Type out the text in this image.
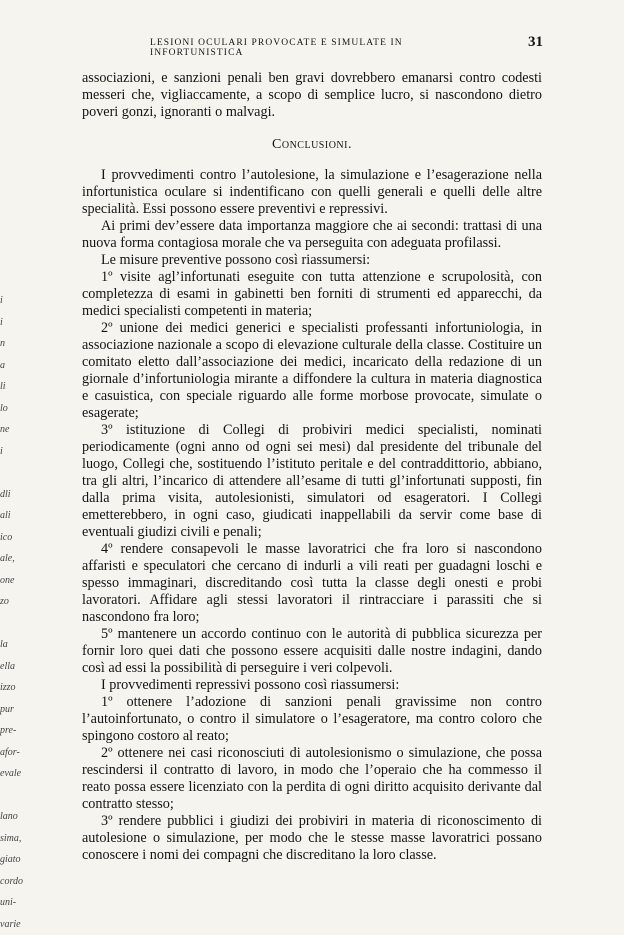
LESIONI OCULARI PROVOCATE E SIMULATE IN INFORTUNISTICA
31
i
i
n
a
li
lo
ne
i

dli
ali
ico
ale,
one
zo

la
ella
izzo
pur
pre-
afor-
evale

lano
sima,
giato
cordo
uni-
varie

associazioni, e sanzioni penali ben gravi dovrebbero emanarsi contro codesti messeri che, vigliaccamente, a scopo di semplice lucro, si nascondono dietro poveri gonzi, ignoranti o malvagi.

Conclusioni.

I provvedimenti contro l’autolesione, la simulazione e l’esagerazione nella infortunistica oculare si indentificano con quelli generali e quelli delle altre specialità. Essi possono essere preventivi e repressivi.

Ai primi dev’essere data importanza maggiore che ai secondi: trattasi di una nuova forma contagiosa morale che va perseguita con adeguata profilassi.

Le misure preventive possono così riassumersi:

1º visite agl’infortunati eseguite con tutta attenzione e scrupolosità, con completezza di esami in gabinetti ben forniti di strumenti ed apparecchi, da medici specialisti competenti in materia;

2º unione dei medici generici e specialisti professanti infortuniologia, in associazione nazionale a scopo di elevazione culturale della classe. Costituire un comitato eletto dall’associazione dei medici, incaricato della redazione di un giornale d’infortuniologia mirante a diffondere la cultura in materia diagnostica e casuistica, con speciale riguardo alle forme morbose provocate, simulate o esagerate;

3º istituzione di Collegi di probiviri medici specialisti, nominati periodicamente (ogni anno od ogni sei mesi) dal presidente del tribunale del luogo, Collegi che, sostituendo l’istituto peritale e del contraddittorio, abbiano, tra gli altri, l’incarico di attendere all’esame di tutti gl’infortunati supposti, fin dalla prima visita, autolesionisti, simulatori od esageratori. I Collegi emetterebbero, in ogni caso, giudicati inappellabili da servir come base di eventuali giudizi civili e penali;

4º rendere consapevoli le masse lavoratrici che fra loro si nascondono affaristi e speculatori che cercano di indurli a vili reati per guadagni loschi e spesso immaginari, discreditando così tutta la classe degli onesti e probi lavoratori. Affidare agli stessi lavoratori il rintracciare i parassiti che si nascondono fra loro;

5º mantenere un accordo continuo con le autorità di pubblica sicurezza per fornir loro quei dati che possono essere acquisiti dalle nostre indagini, dando così ad essi la possibilità di perseguire i veri colpevoli.

I provvedimenti repressivi possono così riassumersi:

1º ottenere l’adozione di sanzioni penali gravissime non contro l’autoinfortunato, o contro il simulatore o l’esageratore, ma contro coloro che spingono costoro al reato;

2º ottenere nei casi riconosciuti di autolesionismo o simulazione, che possa rescindersi il contratto di lavoro, in modo che l’operaio che ha commesso il reato possa essere licenziato con la perdita di ogni diritto acquisito derivante dal contratto stesso;

3º rendere pubblici i giudizi dei probiviri in materia di riconoscimento di autolesione o simulazione, per modo che le stesse masse lavoratrici possano conoscere i nomi dei compagni che discreditano la loro classe.
